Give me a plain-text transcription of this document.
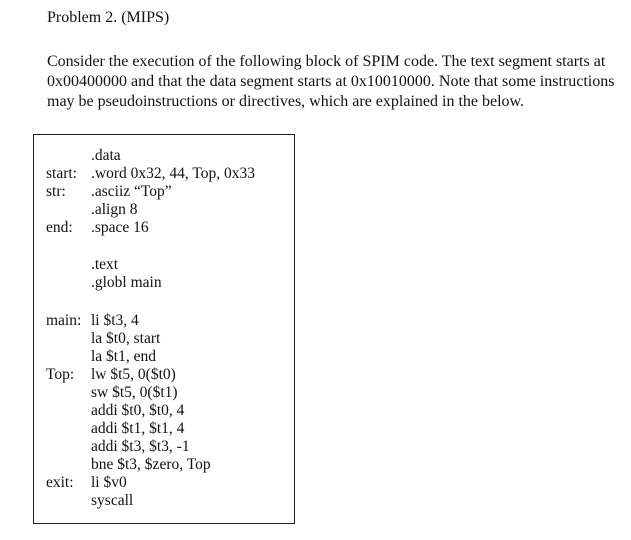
Problem 2. (MIPS)
Consider the execution of the following block of SPIM code. The text segment starts at
0x00400000 and that the data segment starts at 0x10010000. Note that some instructions
may be pseudoinstructions or directives, which are explained in the below.
.data
start: .word 0x32, 44, Top, 0x33
str: .asciiz “Top”
.align 8
end: .space 16
.text
.globl main
main: li $t3, 4
la $t0, start
la $t1, end
Top: lw $t5, 0($t0)
sw $t5, 0($t1)
addi $t0, $t0, 4
addi $t1, $t1, 4
addi $t3, $t3, -1
bne $t3, $zero, Top
exit: li $v0
syscall
